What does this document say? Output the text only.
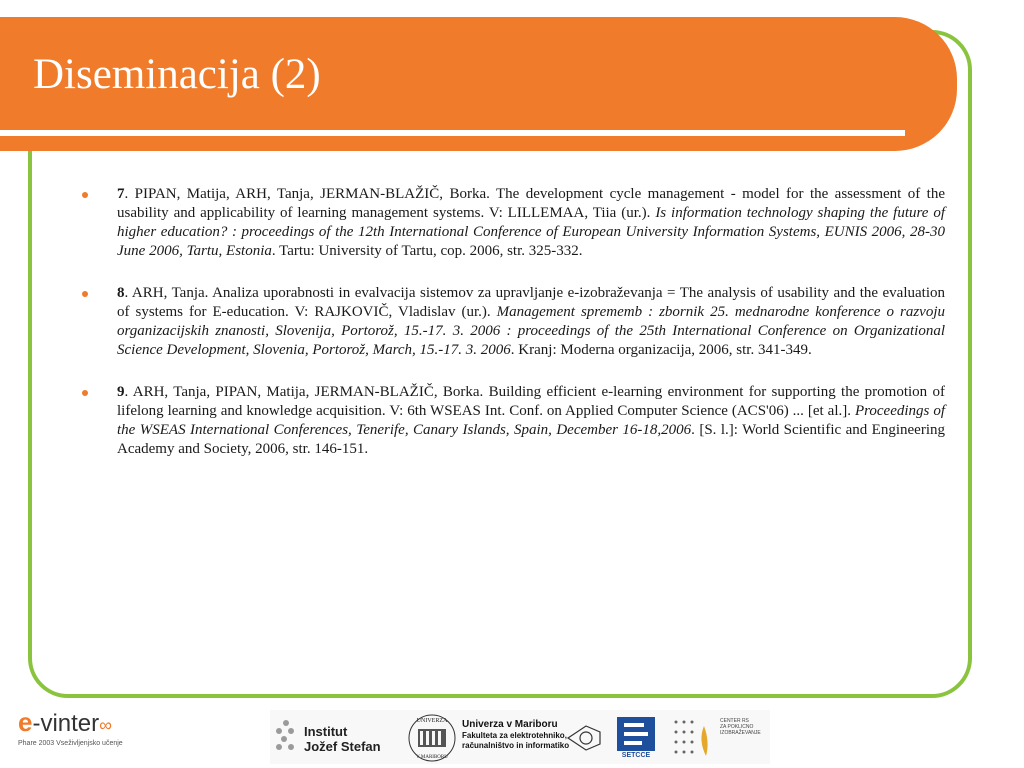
Diseminacija (2)
7. PIPAN, Matija, ARH, Tanja, JERMAN-BLAŽIČ, Borka. The development cycle management - model for the assessment of the usability and applicability of learning management systems. V: LILLEMAA, Tiia (ur.). Is information technology shaping the future of higher education? : proceedings of the 12th International Conference of European University Information Systems, EUNIS 2006, 28-30 June 2006, Tartu, Estonia. Tartu: University of Tartu, cop. 2006, str. 325-332.
8. ARH, Tanja. Analiza uporabnosti in evalvacija sistemov za upravljanje e-izobraževanja = The analysis of usability and the evaluation of systems for E-education. V: RAJKOVIČ, Vladislav (ur.). Management sprememb : zbornik 25. mednarodne konference o razvoju organizacijskih znanosti, Slovenija, Portorož, 15.-17. 3. 2006 : proceedings of the 25th International Conference on Organizational Science Development, Slovenia, Portorož, March, 15.-17. 3. 2006. Kranj: Moderna organizacija, 2006, str. 341-349.
9. ARH, Tanja, PIPAN, Matija, JERMAN-BLAŽIČ, Borka. Building efficient e-learning environment for supporting the promotion of lifelong learning and knowledge acquisition. V: 6th WSEAS Int. Conf. on Applied Computer Science (ACS'06) ... [et al.]. Proceedings of the WSEAS International Conferences, Tenerife, Canary Islands, Spain, December 16-18,2006. [S. l.]: World Scientific and Engineering Academy and Society, 2006, str. 146-151.
e-vinter∞
Phare 2003 Vseživljenjsko učenje
Institut
Jožef Stefan
UNIVERZA
V MARIBORU
Univerza v Mariboru
Fakulteta za elektrotehniko,
računalništvo in informatiko
SETCCE
CENTER RS
ZA POKLICNO
IZOBRAŽEVANJE
